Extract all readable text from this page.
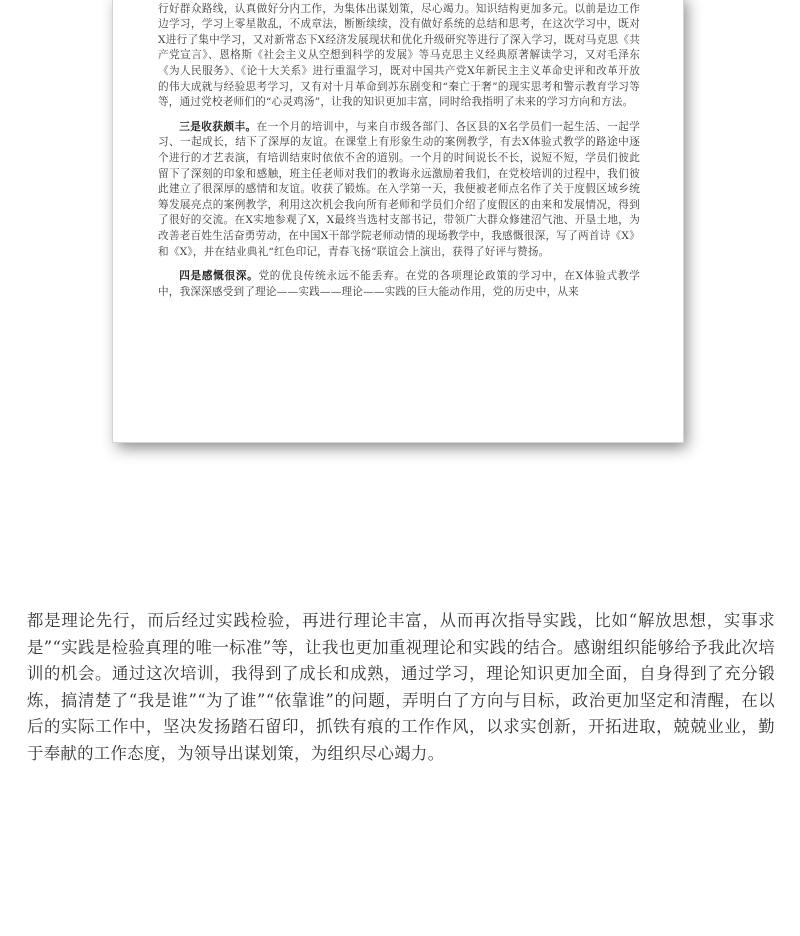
行好群众路线，认真做好分内工作，为集体出谋划策，尽心竭力。知识结构更加多元。以前是边工作边学习，学习上零星散乱，不成章法，断断续续，没有做好系统的总结和思考，在这次学习中，既对X进行了集中学习，又对新常态下X经济发展现状和优化升级研究等进行了深入学习，既对马克思《共产党宣言》、恩格斯《社会主义从空想到科学的发展》等马克思主义经典原著解读学习，又对毛泽东《为人民服务》、《论十大关系》进行重温学习，既对中国共产党X年新民主主义革命史评和改革开放的伟大成就与经验思考学习，又有对十月革命到苏东剧变和“秦亡于奢”的现实思考和警示教育学习等等，通过党校老师们的“心灵鸡汤”，让我的知识更加丰富，同时给我指明了未来的学习方向和方法。

三是收获颇丰。在一个月的培训中，与来自市级各部门、各区县的X名学员们一起生活、一起学习、一起成长，结下了深厚的友谊。在课堂上有形象生动的案例教学，有去X体验式教学的路途中逐个进行的才艺表演，有培训结束时依依不舍的道别。一个月的时间说长不长，说短不短，学员们彼此留下了深刻的印象和感触，班主任老师对我们的教诲永远激励着我们，在党校培训的过程中，我们彼此建立了很深厚的感情和友谊。收获了锻炼。在入学第一天，我便被老师点名作了关于度假区域乡统筹发展亮点的案例教学，利用这次机会我向所有老师和学员们介绍了度假区的由来和发展情况，得到了很好的交流。在X实地参观了X，X最终当选村支部书记，带领广大群众修建沼气池、开垦土地，为改善老百姓生活奋勇劳动，在中国X干部学院老师动情的现场教学中，我感慨很深，写了两首诗《X》和《X》，并在结业典礼“红色印记，青春飞扬”联谊会上演出，获得了好评与赞扬。

四是感慨很深。党的优良传统永远不能丢弃。在党的各项理论政策的学习中，在X体验式教学中，我深深感受到了理论——实践——理论——实践的巨大能动作用，党的历史中，从来

都是理论先行，而后经过实践检验，再进行理论丰富，从而再次指导实践，比如“解放思想，实事求是”“实践是检验真理的唯一标准”等，让我也更加重视理论和实践的结合。感谢组织能够给予我此次培训的机会。通过这次培训，我得到了成长和成熟，通过学习，理论知识更加全面，自身得到了充分锻炼，搞清楚了“我是谁”“为了谁”“依靠谁”的问题，弄明白了方向与目标，政治更加坚定和清醒，在以后的实际工作中，坚决发扬踏石留印，抓铁有痕的工作作风，以求实创新，开拓进取，兢兢业业，勤于奉献的工作态度，为领导出谋划策，为组织尽心竭力。
